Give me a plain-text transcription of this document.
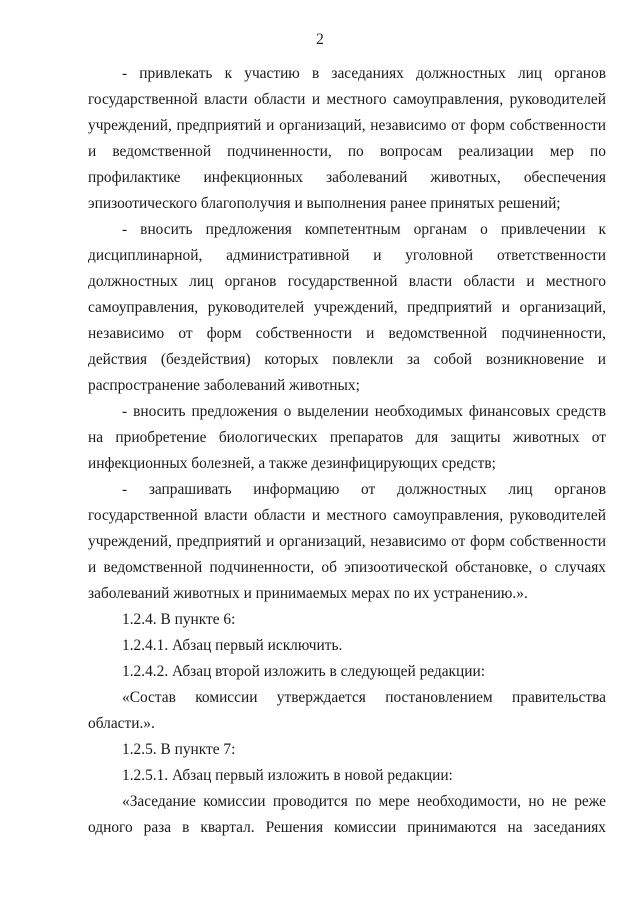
2

- привлекать к участию в заседаниях должностных лиц органов государственной власти области и местного самоуправления, руководителей учреждений, предприятий и организаций, независимо от форм собственности и ведомственной подчиненности, по вопросам реализации мер по профилактике инфекционных заболеваний животных, обеспечения эпизоотического благополучия и выполнения ранее принятых решений;

- вносить предложения компетентным органам о привлечении к дисциплинарной, административной и уголовной ответственности должностных лиц органов государственной власти области и местного самоуправления, руководителей учреждений, предприятий и организаций, независимо от форм собственности и ведомственной подчиненности, действия (бездействия) которых повлекли за собой возникновение и распространение заболеваний животных;

- вносить предложения о выделении необходимых финансовых средств на приобретение биологических препаратов для защиты животных от инфекционных болезней, а также дезинфицирующих средств;

- запрашивать информацию от должностных лиц органов государственной власти области и местного самоуправления, руководителей учреждений, предприятий и организаций, независимо от форм собственности и ведомственной подчиненности, об эпизоотической обстановке, о случаях заболеваний животных и принимаемых мерах по их устранению.».

1.2.4. В пункте 6:

1.2.4.1. Абзац первый исключить.

1.2.4.2. Абзац второй изложить в следующей редакции:

«Состав комиссии утверждается постановлением правительства области.».

1.2.5. В пункте 7:

1.2.5.1. Абзац первый изложить в новой редакции:

«Заседание комиссии проводится по мере необходимости, но не реже одного раза в квартал. Решения комиссии принимаются на заседаниях
